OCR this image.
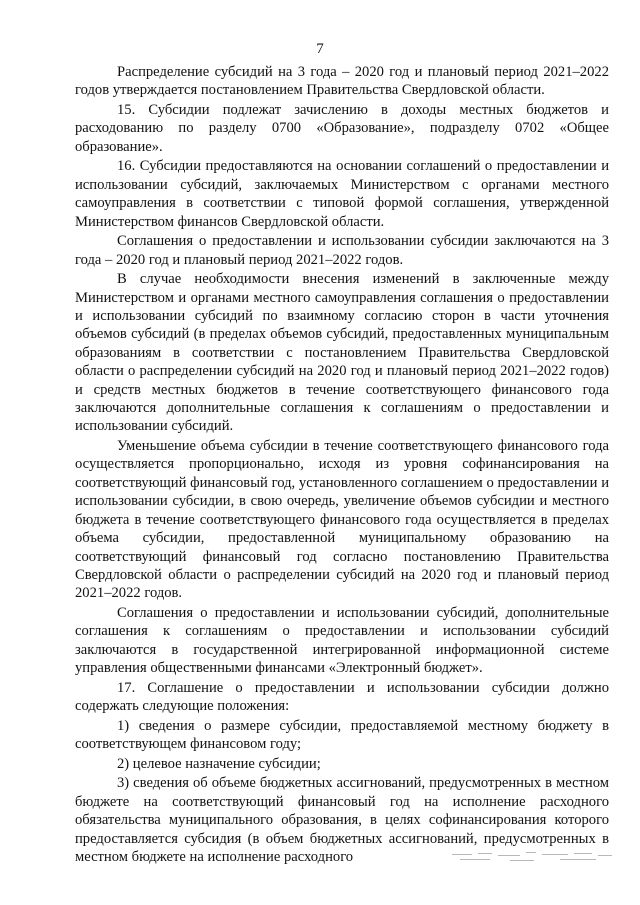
7

Распределение субсидий на 3 года – 2020 год и плановый период 2021–2022 годов утверждается постановлением Правительства Свердловской области.

15. Субсидии подлежат зачислению в доходы местных бюджетов и расходованию по разделу 0700 «Образование», подразделу 0702 «Общее образование».

16. Субсидии предоставляются на основании соглашений о предоставлении и использовании субсидий, заключаемых Министерством с органами местного самоуправления в соответствии с типовой формой соглашения, утвержденной Министерством финансов Свердловской области.

Соглашения о предоставлении и использовании субсидии заключаются на 3 года – 2020 год и плановый период 2021–2022 годов.

В случае необходимости внесения изменений в заключенные между Министерством и органами местного самоуправления соглашения о предоставлении и использовании субсидий по взаимному согласию сторон в части уточнения объемов субсидий (в пределах объемов субсидий, предоставленных муниципальным образованиям в соответствии с постановлением Правительства Свердловской области о распределении субсидий на 2020 год и плановый период 2021–2022 годов) и средств местных бюджетов в течение соответствующего финансового года заключаются дополнительные соглашения к соглашениям о предоставлении и использовании субсидий.

Уменьшение объема субсидии в течение соответствующего финансового года осуществляется пропорционально, исходя из уровня софинансирования на соответствующий финансовый год, установленного соглашением о предоставлении и использовании субсидии, в свою очередь, увеличение объемов субсидии и местного бюджета в течение соответствующего финансового года осуществляется в пределах объема субсидии, предоставленной муниципальному образованию на соответствующий финансовый год согласно постановлению Правительства Свердловской области о распределении субсидий на 2020 год и плановый период 2021–2022 годов.

Соглашения о предоставлении и использовании субсидий, дополнительные соглашения к соглашениям о предоставлении и использовании субсидий заключаются в государственной интегрированной информационной системе управления общественными финансами «Электронный бюджет».

17. Соглашение о предоставлении и использовании субсидии должно содержать следующие положения:

1) сведения о размере субсидии, предоставляемой местному бюджету в соответствующем финансовом году;

2) целевое назначение субсидии;

3) сведения об объеме бюджетных ассигнований, предусмотренных в местном бюджете на соответствующий финансовый год на исполнение расходного обязательства муниципального образования, в целях софинансирования которого предоставляется субсидия (в объем бюджетных ассигнований, предусмотренных в местном бюджете на исполнение расходного
